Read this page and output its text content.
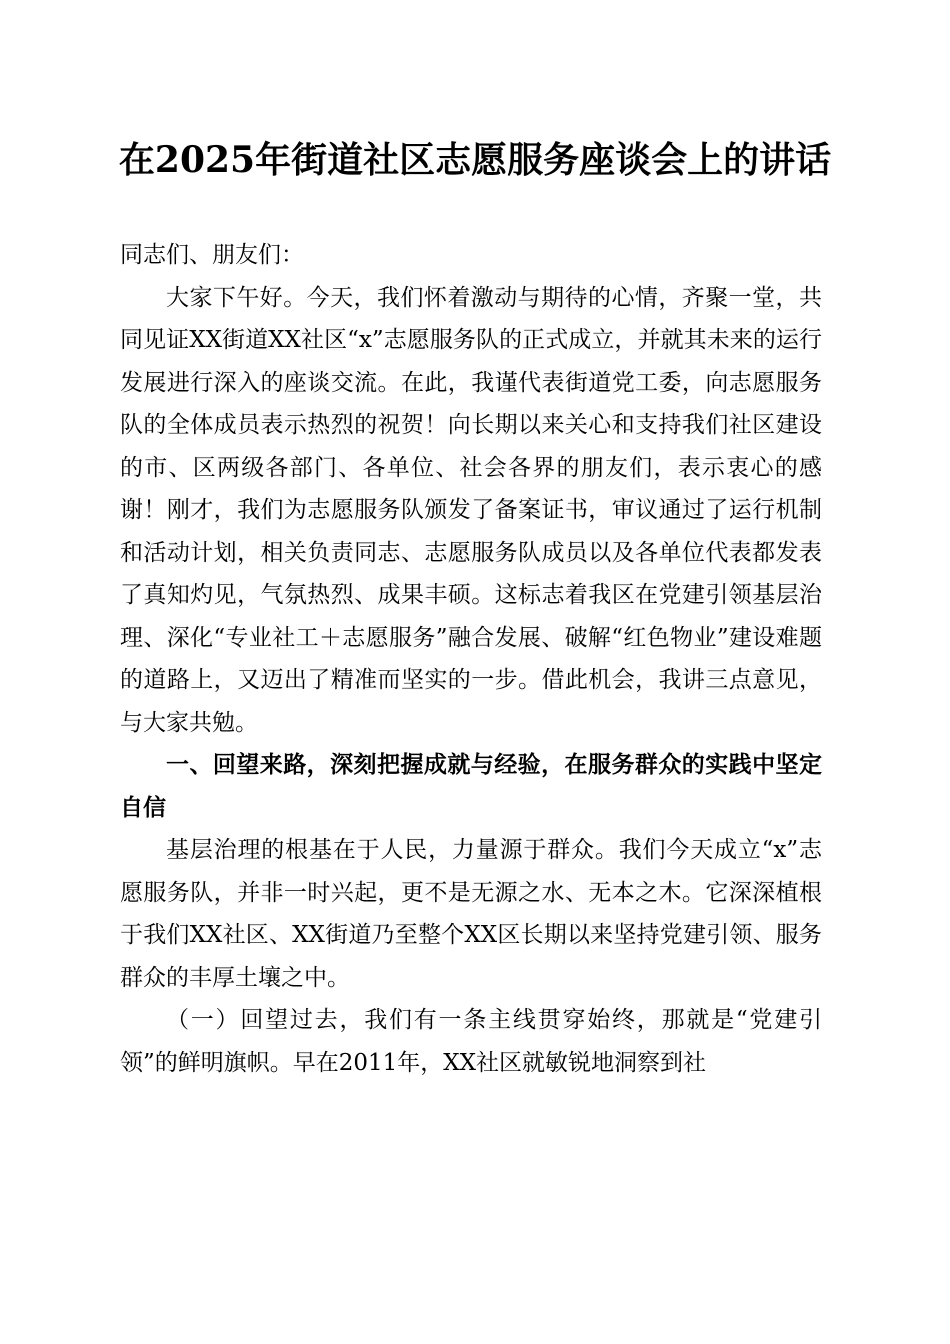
在2025年街道社区志愿服务座谈会上的讲话

同志们、朋友们：

大家下午好。今天，我们怀着激动与期待的心情，齐聚一堂，共同见证XX街道XX社区“x”志愿服务队的正式成立，并就其未来的运行发展进行深入的座谈交流。在此，我谨代表街道党工委，向志愿服务队的全体成员表示热烈的祝贺！向长期以来关心和支持我们社区建设的市、区两级各部门、各单位、社会各界的朋友们，表示衷心的感谢！刚才，我们为志愿服务队颁发了备案证书，审议通过了运行机制和活动计划，相关负责同志、志愿服务队成员以及各单位代表都发表了真知灼见，气氛热烈、成果丰硕。这标志着我区在党建引领基层治理、深化“专业社工＋志愿服务”融合发展、破解“红色物业”建设难题的道路上，又迈出了精准而坚实的一步。借此机会，我讲三点意见，与大家共勉。

一、回望来路，深刻把握成就与经验，在服务群众的实践中坚定自信

基层治理的根基在于人民，力量源于群众。我们今天成立“x”志愿服务队，并非一时兴起，更不是无源之水、无本之木。它深深植根于我们XX社区、XX街道乃至整个XX区长期以来坚持党建引领、服务群众的丰厚土壤之中。

（一）回望过去，我们有一条主线贯穿始终，那就是“党建引领”的鲜明旗帜。早在2011年，XX社区就敏锐地洞察到社
